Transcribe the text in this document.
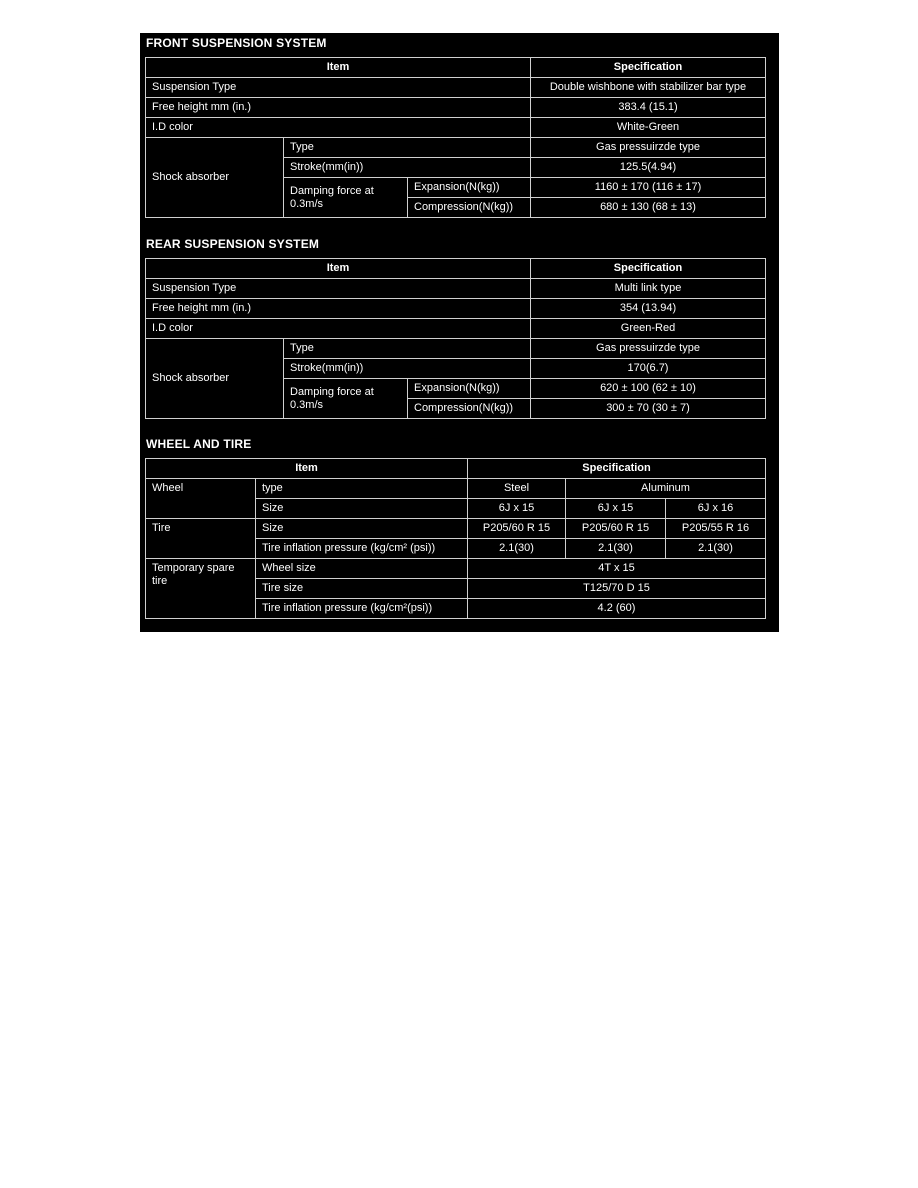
FRONT SUSPENSION SYSTEM
Item			Specification
Suspension Type			Double wishbone with stabilizer bar type
Free height mm (in.)			383.4 (15.1)
I.D color			White-Green
Shock absorber	Type		Gas pressuirzde type
	Stroke(mm(in))		125.5(4.94)
	Damping force at 0.3m/s	Expansion(N(kg))	1160 ± 170 (116 ± 17)
		Compression(N(kg))	680 ± 130 (68 ± 13)
REAR SUSPENSION SYSTEM
Item			Specification
Suspension Type			Multi link type
Free height mm (in.)			354 (13.94)
I.D color			Green-Red
Shock absorber	Type		Gas pressuirzde type
	Stroke(mm(in))		170(6.7)
	Damping force at 0.3m/s	Expansion(N(kg))	620 ± 100 (62 ± 10)
		Compression(N(kg))	300 ± 70 (30 ± 7)
WHEEL AND TIRE
Item		Specification		
Wheel	type	Steel	Aluminum	
	Size	6J x 15	6J x 15	6J x 16
Tire	Size	P205/60 R 15	P205/60 R 15	P205/55 R 16
	Tire inflation pressure (kg/cm² (psi))	2.1(30)	2.1(30)	2.1(30)
Temporary spare tire	Wheel size	4T x 15		
	Tire size	T125/70 D 15		
	Tire inflation pressure (kg/cm²(psi))	4.2 (60)		
